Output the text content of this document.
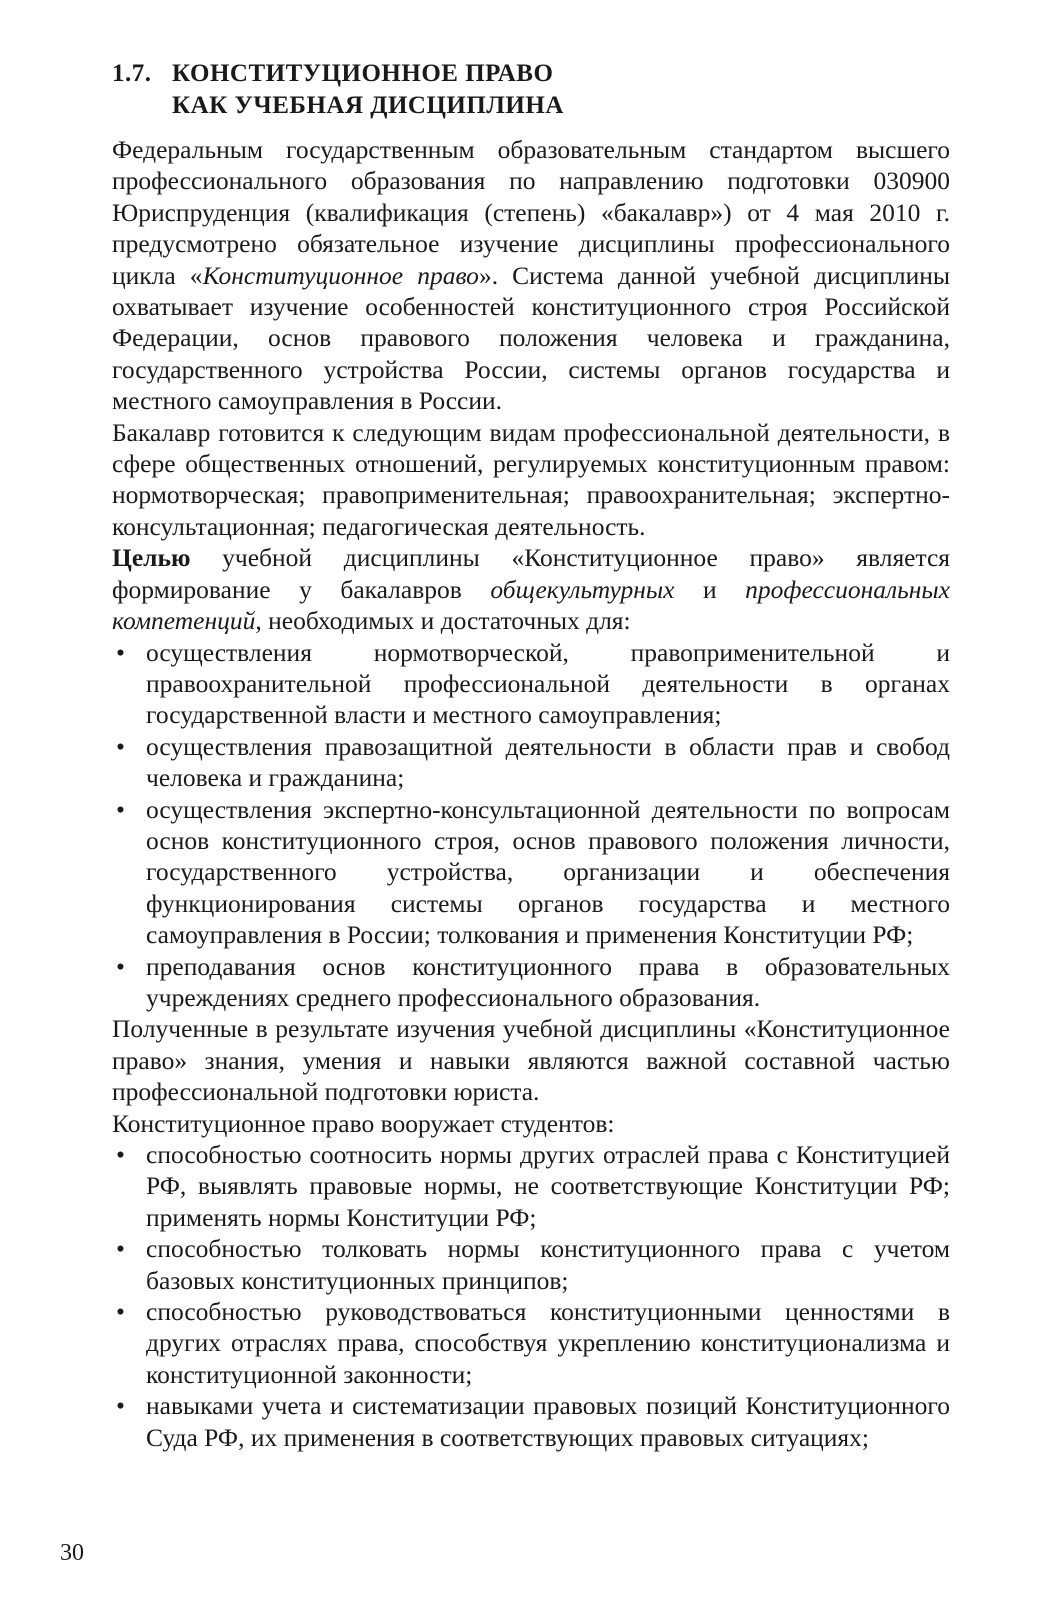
1.7. КОНСТИТУЦИОННОЕ ПРАВО
КАК УЧЕБНАЯ ДИСЦИПЛИНА

Федеральным государственным образовательным стандартом высшего профессионального образования по направлению подготовки 030900 Юриспруденция (квалификация (степень) «бакалавр») от 4 мая 2010 г. предусмотрено обязательное изучение дисциплины профессионального цикла «Конституционное право». Система данной учебной дисциплины охватывает изучение особенностей конституционного строя Российской Федерации, основ правового положения человека и гражданина, государственного устройства России, системы органов государства и местного самоуправления в России.

Бакалавр готовится к следующим видам профессиональной деятельности, в сфере общественных отношений, регулируемых конституционным правом: нормотворческая; правоприменительная; правоохранительная; экспертно-консультационная; педагогическая деятельность.

Целью учебной дисциплины «Конституционное право» является формирование у бакалавров общекультурных и профессиональных компетенций, необходимых и достаточных для:

• осуществления нормотворческой, правоприменительной и правоохранительной профессиональной деятельности в органах государственной власти и местного самоуправления;
• осуществления правозащитной деятельности в области прав и свобод человека и гражданина;
• осуществления экспертно-консультационной деятельности по вопросам основ конституционного строя, основ правового положения личности, государственного устройства, организации и обеспечения функционирования системы органов государства и местного самоуправления в России; толкования и применения Конституции РФ;
• преподавания основ конституционного права в образовательных учреждениях среднего профессионального образования.

Полученные в результате изучения учебной дисциплины «Конституционное право» знания, умения и навыки являются важной составной частью профессиональной подготовки юриста.

Конституционное право вооружает студентов:

• способностью соотносить нормы других отраслей права с Конституцией РФ, выявлять правовые нормы, не соответствующие Конституции РФ; применять нормы Конституции РФ;
• способностью толковать нормы конституционного права с учетом базовых конституционных принципов;
• способностью руководствоваться конституционными ценностями в других отраслях права, способствуя укреплению конституционализма и конституционной законности;
• навыками учета и систематизации правовых позиций Конституционного Суда РФ, их применения в соответствующих правовых ситуациях;
30
